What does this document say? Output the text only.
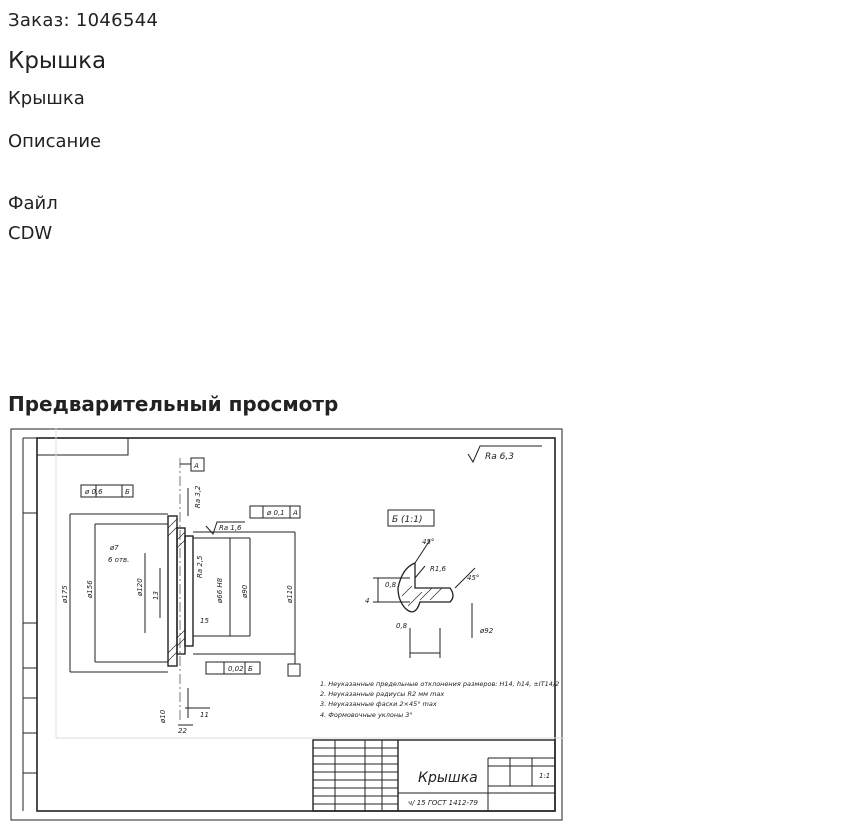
Заказ: 1046544
Крышка
Крышка
Описание
Файл
CDW
Предварительный просмотр
Ra 6,3
А
ø 0,6	Б
ø 0,1 А
0,02 Б
Ra 1,6
ø7
6 отв.
11
22
15
ø175 ø156	ø120 13	ø66 H8 ø90	ø110
Ra 3,2
Ra 2,5
ø10
Б (1:1)
45°
45°
R1,6
0,8
0,8
4
ø92
1. Неуказанные предельные отклонения размеров: H14, h14, ±IT14/2
2. Неуказанные радиусы R2 мм max
3. Неуказанные фаски 2×45° max
4. Формовочные уклоны 3°
Крышка
ч/ 15 ГОСТ 1412-79
1:1
